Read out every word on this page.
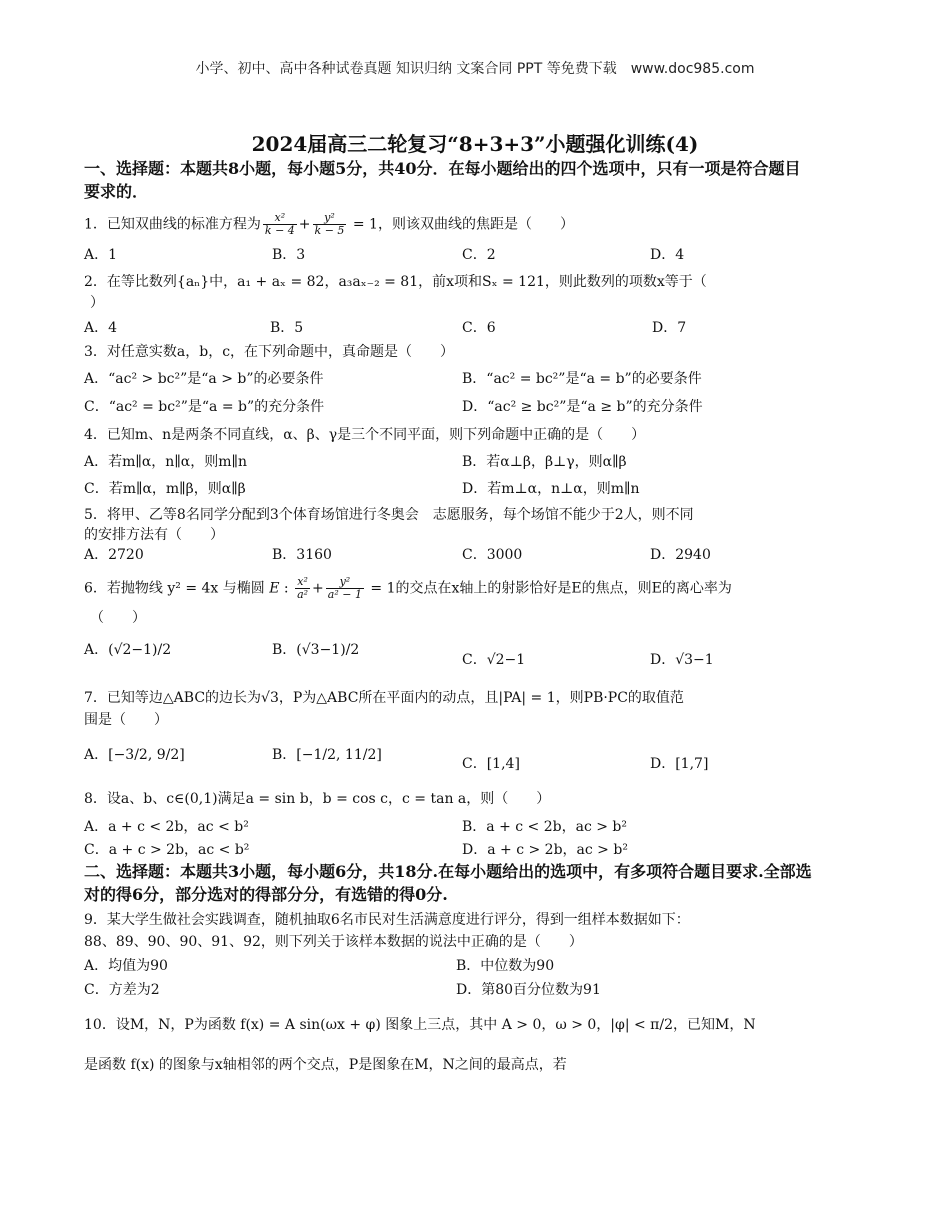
小学、初中、高中各种试卷真题 知识归纳 文案合同 PPT 等免费下载　www.doc985.com
2024届高三二轮复习“8+3+3”小题强化训练(4)
一、选择题：本题共8小题，每小题5分，共40分．在每小题给出的四个选项中，只有一项是符合题目要求的．
1．已知双曲线的标准方程为 $\frac{\text{x²}}{k - 4} + \frac{\text{y²}}{k - 5} = 1$，则该双曲线的焦距是（　　）
A．1	B．3	C．2	D．4
2．在等比数列{aₙ}中，a₁ + aₓ = 82，a₃aₓ₋₂ = 81，前x项和Sₓ = 121，则此数列的项数x等于（
）
A．4	B．5	C．6	D．7
3．对任意实数a，b，c，在下列命题中，真命题是（　　）
A．“ac² > bc²”是“a > b”的必要条件	B．“ac² = bc²”是“a = b”的必要条件
C．“ac² = bc²”是“a = b”的充分条件	D．“ac² ≥ bc²”是“a ≥ b”的充分条件
4．已知m、n是两条不同直线，α、β、γ是三个不同平面，则下列命题中正确的是（　　）
A．若m∥α，n∥α，则m∥n	B．若α⊥β，β⊥γ，则α∥β
C．若m∥α，m∥β，则α∥β	D．若m⊥α，n⊥α，则m∥n
5．将甲、乙等8名同学分配到3个体育场馆进行冬奥会　志愿服务，每个场馆不能少于2人，则不同
的安排方法有（　　）
A．2720	B．3160	C．3000	D．2940
6．若抛物线 y² = 4x 与椭圆 E : $\frac{\text{x²}}{\text{a²}} + \frac{\text{y²}}{\text{a² − 1}} = 1$的交点在x轴上的射影恰好是E的焦点，则E的离心率为
（　　）
A．(√2−1)/2	B．(√3−1)/2
C．√2−1	D．√3−1
7．已知等边△ABC的边长为√3，P为△ABC所在平面内的动点，且|PA| = 1，则PB·PC的取值范
围是（　　）
A．[−3/2, 9/2]	B．[−1/2, 11/2]
C．[1,4]	D．[1,7]
8．设a、b、c∈(0,1)满足a = sin b，b = cos c，c = tan a，则（　　）
A．a + c < 2b，ac < b²	B．a + c < 2b，ac > b²
C．a + c > 2b，ac < b²	D．a + c > 2b，ac > b²
二、选择题：本题共3小题，每小题6分，共18分.在每小题给出的选项中，有多项符合题目要求.全部选对的得6分，部分选对的得部分分，有选错的得0分.
9．某大学生做社会实践调查，随机抽取6名市民对生活满意度进行评分，得到一组样本数据如下：
88、89、90、90、91、92，则下列关于该样本数据的说法中正确的是（　　）
A．均值为90	B．中位数为90
C．方差为2	D．第80百分位数为91
10．设M，N，P为函数 f(x) = A sin(ωx + φ) 图象上三点，其中 A > 0，ω > 0，|φ| < π/2，已知M，N
是函数 f(x) 的图象与x轴相邻的两个交点，P是图象在M，N之间的最高点，若
